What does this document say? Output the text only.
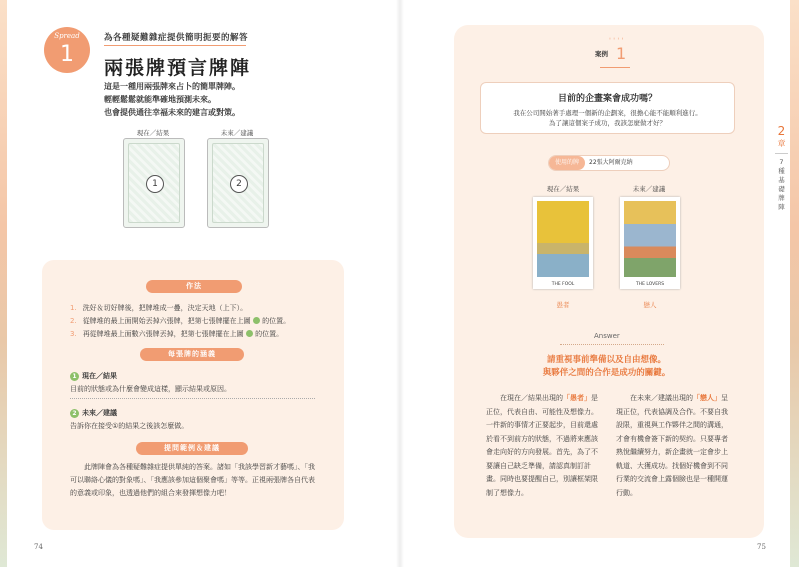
Spread
1
為各種疑難雜症提供簡明扼要的解答
兩張牌預言牌陣
這是一種用兩張牌來占卜的簡單牌陣。
輕輕鬆鬆就能準確地預測未來。
也會提供通往幸福未來的建言或對策。
現在／結果	未來／建議
1	2
作法
1. 洗好＆切好牌後，把牌堆成一疊，決定天地（上下）。
2. 從牌堆的最上面開始丟掉六張牌，把第七張牌擺在上圖 的位置。
3. 再從牌堆最上面數六張牌丟掉，把第七張牌擺在上圖 的位置。
每張牌的涵義
1 現在／結果
目前的狀態或為什麼會變成這樣，顯示結果或原因。
2 未來／建議
告訴你在接受①的結果之後該怎麼做。
提問範例＆建議
此牌陣會為各種疑難雜症提供單純的答案。諸如「我該學習新才藝嗎」、「我可以聯絡心儀的對象嗎」、「我應該參加這個聚會嗎」等等。正視兩張牌各自代表的意義或印象，也透過他們的組合來發揮想像力吧！
74
ˈ ˈ ˈ ˈ
案例 1
目前的企畫案會成功嗎？
我在公司開始著手處理一個新的企劃案，很擔心能不能順利進行。
為了讓這個案子成功，我該怎麼做才好？
使用的牌 22張大阿爾克納
現在／結果	未來／建議
THE FOOL	THE LOVERS
愚者	戀人
Answer
請重視事前準備以及自由想像。
與夥伴之間的合作是成功的關鍵。
在現在／結果出現的「愚者」是正位，代表自由、可能性及想像力。一件新的事情才正要起步，目前還處於看不到前方的狀態，不過將來應該會走向好的方向發展。首先，為了不要讓自己缺乏準備，請認真制訂計畫。同時也要提醒自己，別讓框架限制了想像力。
在未來／建議出現的「戀人」呈現正位，代表協調及合作。不要自我設限，重視與工作夥伴之間的溝通，才會有機會簽下新的契約。只要專者熟悅繼續努力，新企畫就一定會步上軌道、大獲成功。找個好機會到不同行業的交流會上露個臉也是一種開運行動。
2
章
7
種
基
礎
牌
陣
75
